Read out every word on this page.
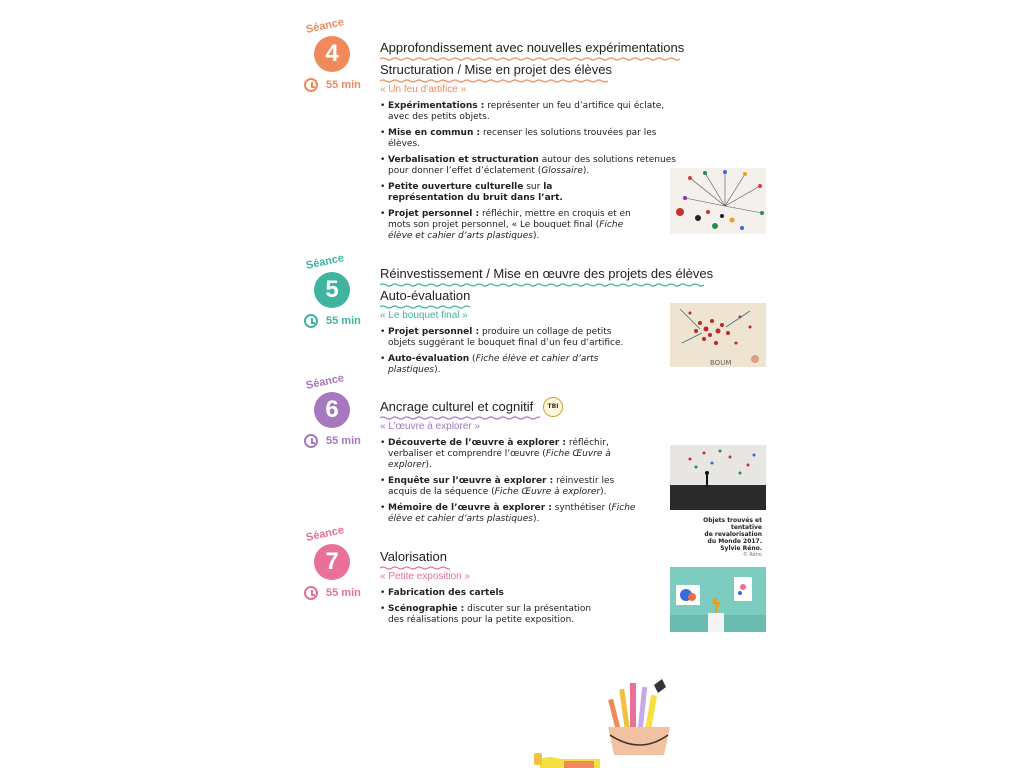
Séance
4
55 min
Approfondissement avec nouvelles expérimentations
Structuration / Mise en projet des élèves
« Un feu d’artifice »
• Expérimentations : représenter un feu d’artifice qui éclate, avec des petits objets.
• Mise en commun : recenser les solutions trouvées par les élèves.
• Verbalisation et structuration autour des solutions retenues pour donner l’effet d’éclatement (Glossaire).
• Petite ouverture culturelle sur la représentation du bruit dans l’art.
• Projet personnel : réfléchir, mettre en croquis et en mots son projet personnel, « Le bouquet final (Fiche élève et cahier d’arts plastiques).
Séance
5
55 min
Réinvestissement / Mise en œuvre des projets des élèves
Auto-évaluation
« Le bouquet final »
• Projet personnel : produire un collage de petits objets suggérant le bouquet final d’un feu d’artifice.
• Auto-évaluation (Fiche élève et cahier d’arts plastiques).
BOUM
Séance
6
55 min
Ancrage culturel et cognitif	TBI
« L’œuvre à explorer »
• Découverte de l’œuvre à explorer : réfléchir, verbaliser et comprendre l’œuvre (Fiche Œuvre à explorer).
• Enquête sur l’œuvre à explorer : réinvestir les acquis de la séquence (Fiche Œuvre à explorer).
• Mémoire de l’œuvre à explorer : synthétiser (Fiche élève et cahier d’arts plastiques).	Objets trouvés et tentative
de revalorisation
du Monde 2017.
Sylvie Réno.
© Réno
Séance
7
55 min
Valorisation
« Petite exposition »
• Fabrication des cartels
• Scénographie : discuter sur la présentation des réalisations pour la petite exposition.
